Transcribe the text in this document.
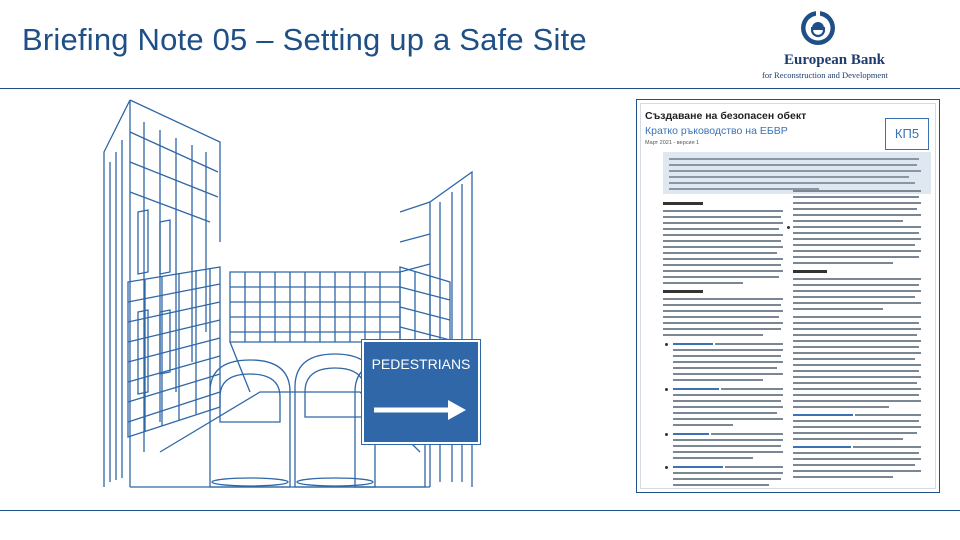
Briefing Note 05 – Setting up a Safe Site
European Bank
for Reconstruction and Development
PEDESTRIANS
Създаване на безопасен обект
Кратко ръководство на ЕБВР
Март 2021 - версия 1
КП5
